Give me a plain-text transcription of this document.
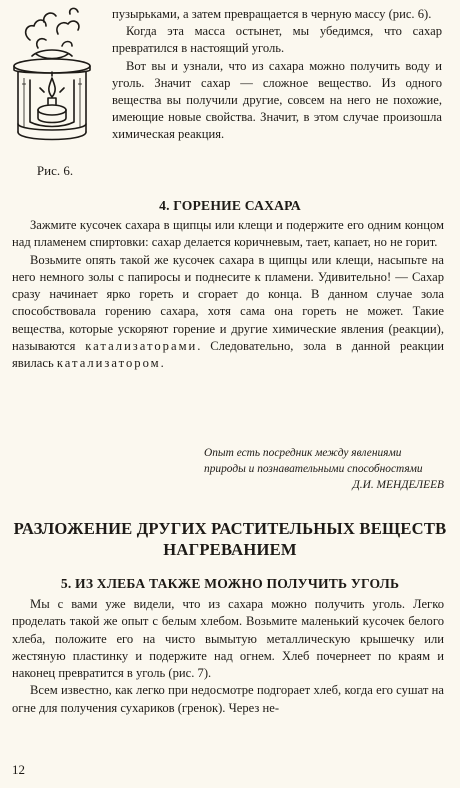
Рис. 6.

пузырьками, а затем превращается в черную массу (рис. 6).

Когда эта масса остынет, мы убедимся, что сахар превратился в настоящий уголь.

Вот вы и узнали, что из сахара можно получить воду и уголь. Значит сахар — сложное вещество. Из одного вещества вы получили другие, совсем на него не похожие, имеющие новые свойства. Значит, в этом случае произошла химическая реакция.

4. ГОРЕНИЕ САХАРА

Зажмите кусочек сахара в щипцы или клещи и подержите его одним концом над пламенем спиртовки: сахар делается коричневым, тает, капает, но не горит.

Возьмите опять такой же кусочек сахара в щипцы или клещи, насыпьте на него немного золы с папиросы и поднесите к пламени. Удивительно! — Сахар сразу начинает ярко гореть и сгорает до конца. В данном случае зола способствовала горению сахара, хотя сама она гореть не может. Такие вещества, которые ускоряют горение и другие химические явления (реакции), называются катализаторами. Следовательно, зола в данной реакции явилась катализатором.

Опыт есть посредник между явлениями природы и познавательными способностями

Д.И. МЕНДЕЛЕЕВ
РАЗЛОЖЕНИЕ ДРУГИХ РАСТИТЕЛЬНЫХ ВЕЩЕСТВ
НАГРЕВАНИЕМ
5. ИЗ ХЛЕБА ТАКЖЕ МОЖНО ПОЛУЧИТЬ УГОЛЬ

Мы с вами уже видели, что из сахара можно получить уголь. Легко проделать такой же опыт с белым хлебом. Возьмите маленький кусочек белого хлеба, положите его на чисто вымытую металлическую крышечку или жестяную пластинку и подержите над огнем. Хлеб почернеет по краям и наконец превратится в уголь (рис. 7).

Всем известно, как легко при недосмотре подгорает хлеб, когда его сушат на огне для получения сухариков (гренок). Через не-

12
